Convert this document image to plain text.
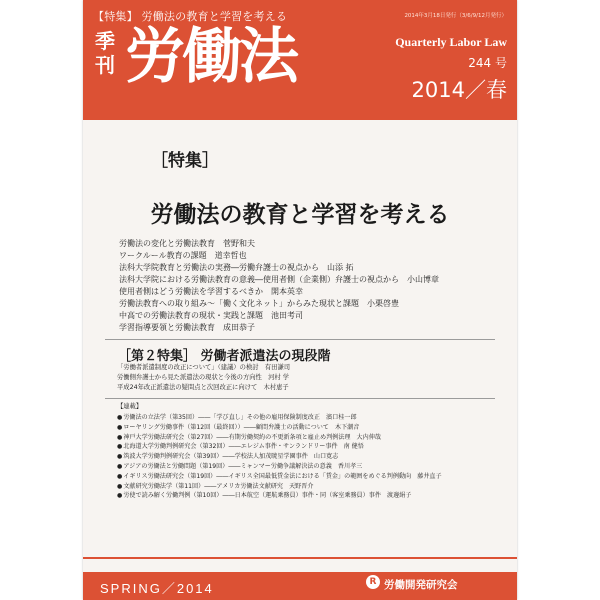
【特集】 労働法の教育と学習を考える	2014年3月18日発行（3/6/9/12月発行）
季
刊 労働法	Quarterly Labor Law
244 号
2014／春
［特集］
労働法の教育と学習を考える
労働法の変化と労働法教育　菅野和夫
ワークルール教育の課題　道幸哲也
法科大学院教育と労働法の実務―労働弁護士の視点から　山添 拓
法科大学院における労働法教育の意義―使用者側（企業側）弁護士の視点から　小山博章
使用者側はどう労働法を学習するべきか　開本英幸
労働法教育への取り組み～「働く文化ネット」からみた現状と課題　小栗啓豊
中高での労働法教育の現状・実践と課題　池田考司
学習指導要領と労働法教育　成田恭子
［第２特集］ 労働者派遣法の現段階
「労働者派遣制度の改正について」（建議）の検討　有田謙司
労働側弁護士から見た派遣法の現状と今後の方向性　河村 学
平成24年改正派遣法の疑問点と次回改正に向けて　木村恵子
【連載】
●労働法の立法学（第35回）――「学び直し」その他の雇用保険制度改正　濱口桂一郎
●ローヤリング労働事件（第12回（最終回））――顧問弁護士の活動について　木下潮音
●神戸大学労働法研究会（第27回）――有期労働契約の不更新条項と雇止め判例法理　大内伸哉
●北海道大学労働判例研究会（第32回）――エレジム事件・サンランドリー事件　南 健悟
●筑波大学労働判例研究会（第39回）――学校法人加茂暁星学園事件　山口寛志
●アジアの労働法と労働問題（第19回）――ミャンマー労働争議解決法の意義　香川孝三
●イギリス労働法研究会（第19回）――イギリス全国最低賃金法における「賃金」の範囲をめぐる判例動向　藤井直子
●文献研究労働法学（第11回）――アメリカ労働法文献研究　天野晋介
●労使で読み解く労働判例（第10回）――日本航空（運航乗務員）事件・同（客室乗務員）事件　渡邊絹子
SPRING／2014	R 労働開発研究会
